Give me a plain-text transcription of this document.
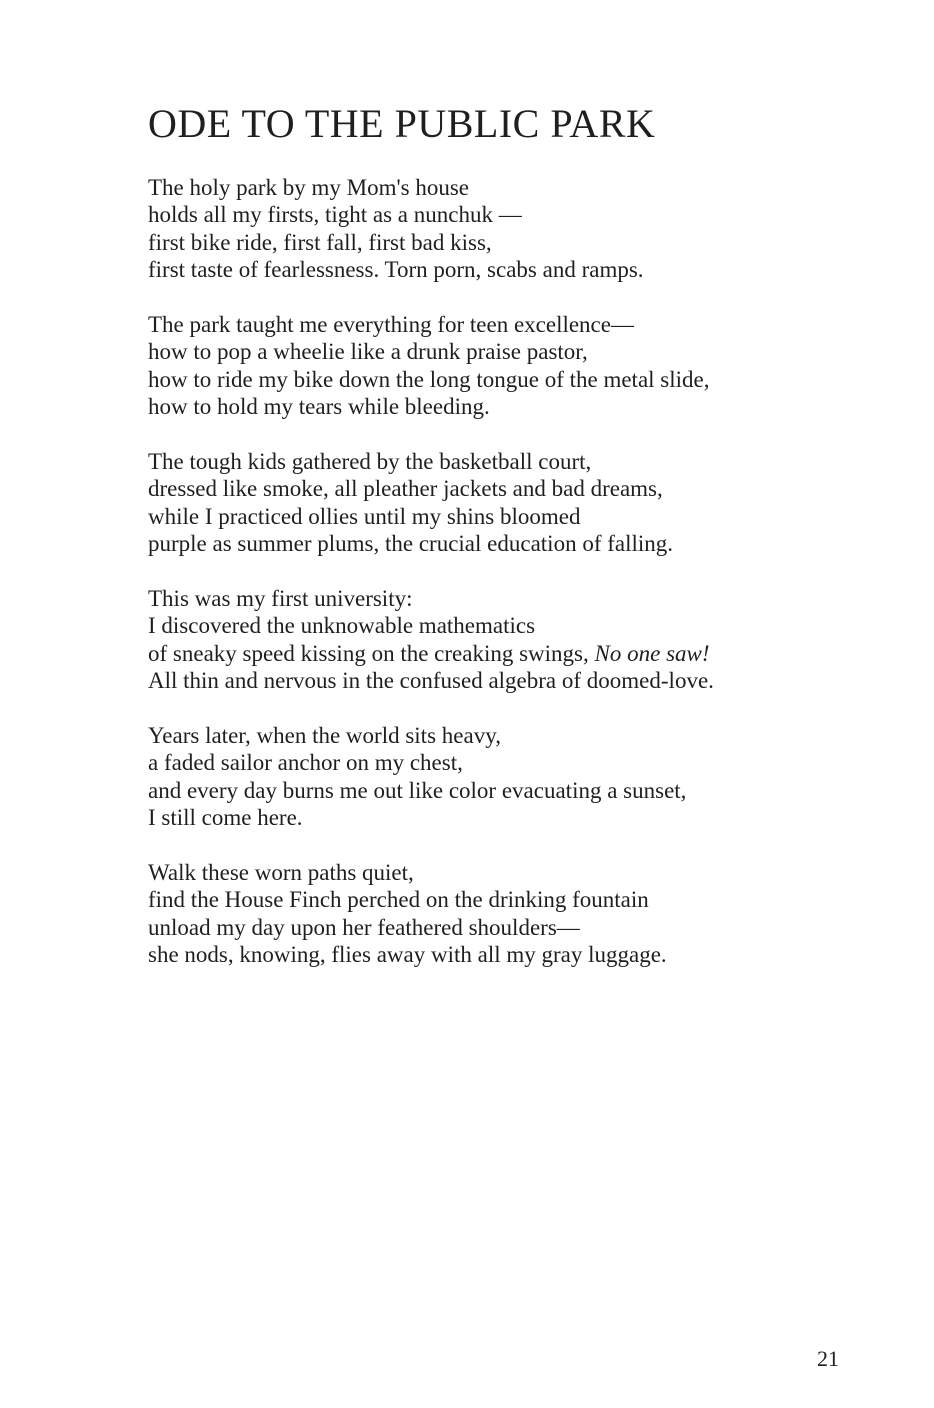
ODE TO THE PUBLIC PARK

The holy park by my Mom's house
holds all my firsts, tight as a nunchuk —
first bike ride, first fall, first bad kiss,
first taste of fearlessness. Torn porn, scabs and ramps.

The park taught me everything for teen excellence—
how to pop a wheelie like a drunk praise pastor,
how to ride my bike down the long tongue of the metal slide,
how to hold my tears while bleeding.

The tough kids gathered by the basketball court,
dressed like smoke, all pleather jackets and bad dreams,
while I practiced ollies until my shins bloomed
purple as summer plums, the crucial education of falling.

This was my first university:
I discovered the unknowable mathematics
of sneaky speed kissing on the creaking swings, No one saw!
All thin and nervous in the confused algebra of doomed-love.

Years later, when the world sits heavy,
a faded sailor anchor on my chest,
and every day burns me out like color evacuating a sunset,
I still come here.

Walk these worn paths quiet,
find the House Finch perched on the drinking fountain
unload my day upon her feathered shoulders—
she nods, knowing, flies away with all my gray luggage.

21
